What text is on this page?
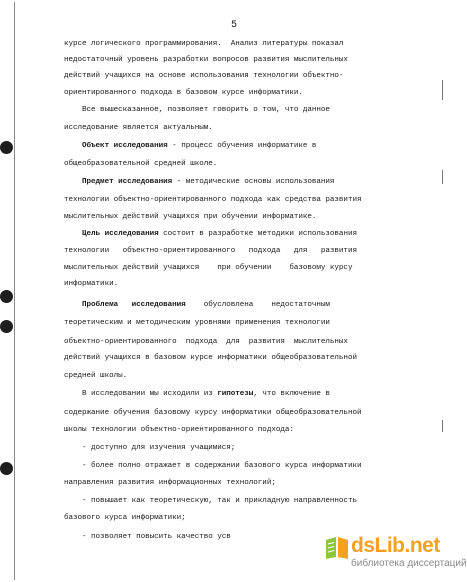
5
курсе логического программирования.  Анализ литературы показал
недостаточный уровень разработки вопросов развития мыслительных
действий учащихся на основе использования технологии объектно-
ориентированного подхода в базовом курсе информатики.
Все вышесказанное, позволяет говорить о том, что данное
исследование является актуальным.
Объект исследования - процесс обучения информатике в
общеобразовательной средней школе.
Предмет исследования - методические основы использования
технологии объектно-ориентированного подхода как средства развития
мыслительных действий учащихся при обучении информатике.
Цель исследования состоит в разработке методики использования
технологии   объектно-ориентированного   подхода   для   развития
мыслительных действий учащихся    при обучении    базовому курсу
информатики.
Проблема   исследования    обусловлена    недостаточным
теоретическим и методическим уровнями применения технологии
объектно-ориентированного  подхода  для  развития  мыслительных
действий учащихся в базовом курсе информатики общеобразовательной
средней школы.
В исследовании мы исходили из гипотезы, что включение в
содержание обучения базовому курсу информатики общеобразовательной
школы технологии объектно-ориентированного подхода:
- доступно для изучения учащимися;
- более полно отражает в содержании базового курса информатики
направления развития информационных технологий;
- повышает как теоретическую, так и прикладную направленность
базового курса информатики;
- позволяет повысить качество усв	dsLib.net
библиотека диссертаций
